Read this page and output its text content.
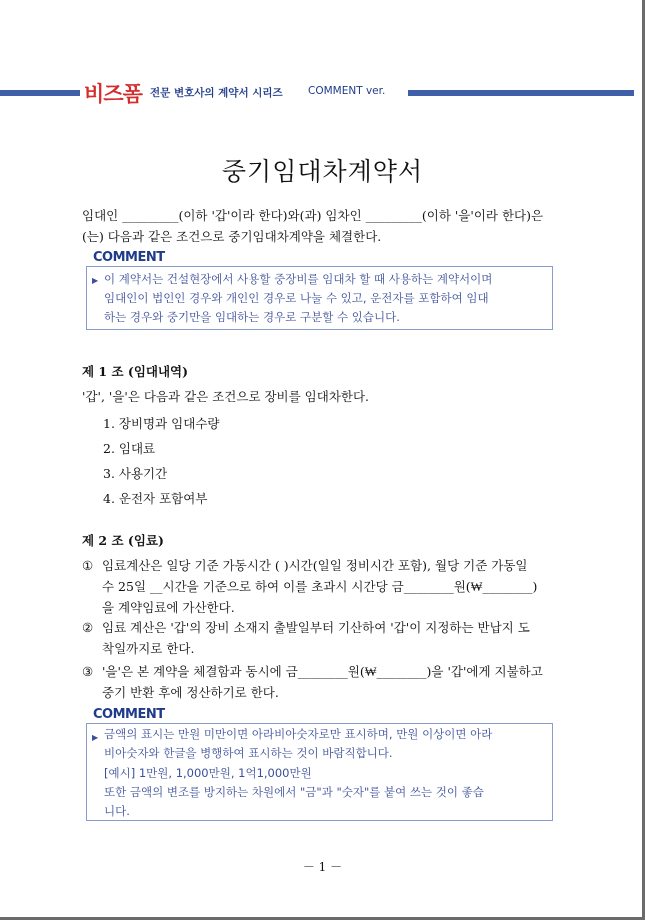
비즈폼 전문 변호사의 계약서 시리즈 COMMENT ver.
중기임대차계약서
임대인 _________(이하 '갑'이라 한다)와(과) 임차인 _________(이하 '을'이라 한다)은
(는) 다음과 같은 조건으로 중기임대차계약을 체결한다.
COMMENT
▶ 이 계약서는 건설현장에서 사용할 중장비를 임대차 할 때 사용하는 계약서이며
임대인이 법인인 경우와 개인인 경우로 나눌 수 있고, 운전자를 포함하여 임대
하는 경우와 중기만을 임대하는 경우로 구분할 수 있습니다.
제 1 조 (임대내역)
'갑', '을'은 다음과 같은 조건으로 장비를 임대차한다.
1. 장비명과 임대수량
2. 임대료
3. 사용기간
4. 운전자 포함여부
제 2 조 (임료)
① 임료계산은 일당 기준 가동시간 ( )시간(일일 정비시간 포함), 월당 기준 가동일
수 25일 __시간을 기준으로 하여 이를 초과시 시간당 금________원(₩________)
을 계약임료에 가산한다.
② 임료 계산은 '갑'의 장비 소재지 출발일부터 기산하여 '갑'이 지정하는 반납지 도
착일까지로 한다.
③ '을'은 본 계약을 체결함과 동시에 금________원(₩________)을 '갑'에게 지불하고
중기 반환 후에 정산하기로 한다.
COMMENT
▶ 금액의 표시는 만원 미만이면 아라비아숫자로만 표시하며, 만원 이상이면 아라
비아숫자와 한글을 병행하여 표시하는 것이 바람직합니다.
[예시] 1만원, 1,000만원, 1억1,000만원
또한 금액의 변조를 방지하는 차원에서 "금"과 "숫자"를 붙여 쓰는 것이 좋습
니다.
－ 1 －
